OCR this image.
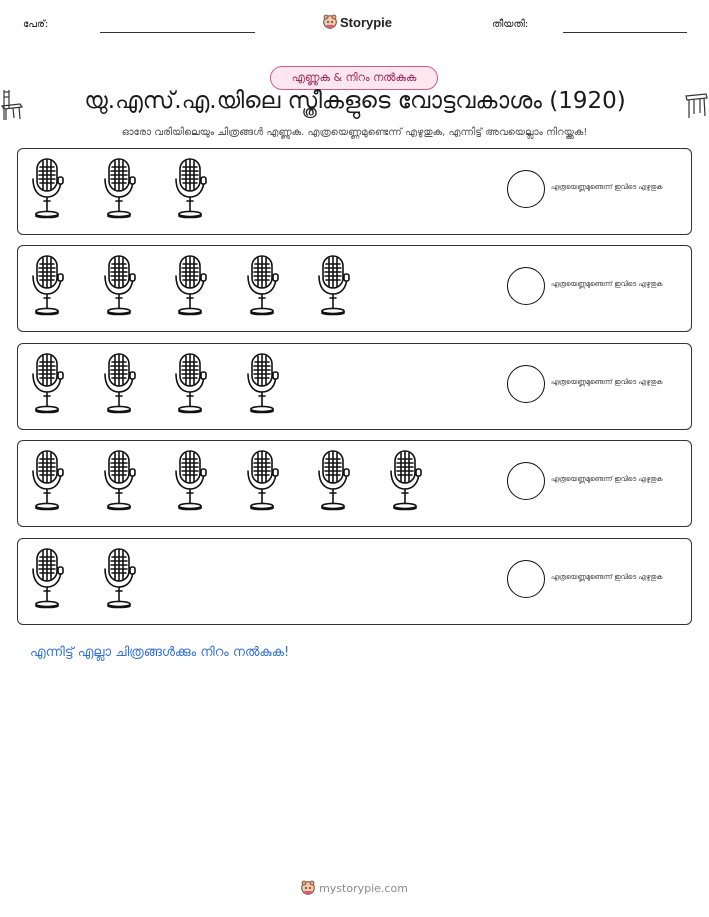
പേര്:	Storypie	തീയതി:
എണ്ണുക & നിറം നൽകുക
യു.എസ്.എ.യിലെ സ്ത്രീകളുടെ വോട്ടവകാശം (1920)
ഓരോ വരിയിലെയും ചിത്രങ്ങൾ എണ്ണുക. എത്രയെണ്ണമുണ്ടെന്ന് എഴുതുക, എന്നിട്ട് അവയെല്ലാം നിറയ്ക്കുക!
എത്രയെണ്ണമുണ്ടെന്ന് ഇവിടെ എഴുതുക
എത്രയെണ്ണമുണ്ടെന്ന് ഇവിടെ എഴുതുക
എത്രയെണ്ണമുണ്ടെന്ന് ഇവിടെ എഴുതുക
എത്രയെണ്ണമുണ്ടെന്ന് ഇവിടെ എഴുതുക
എത്രയെണ്ണമുണ്ടെന്ന് ഇവിടെ എഴുതുക
എന്നിട്ട് എല്ലാ ചിത്രങ്ങൾക്കും നിറം നൽകുക!
mystorypie.com
